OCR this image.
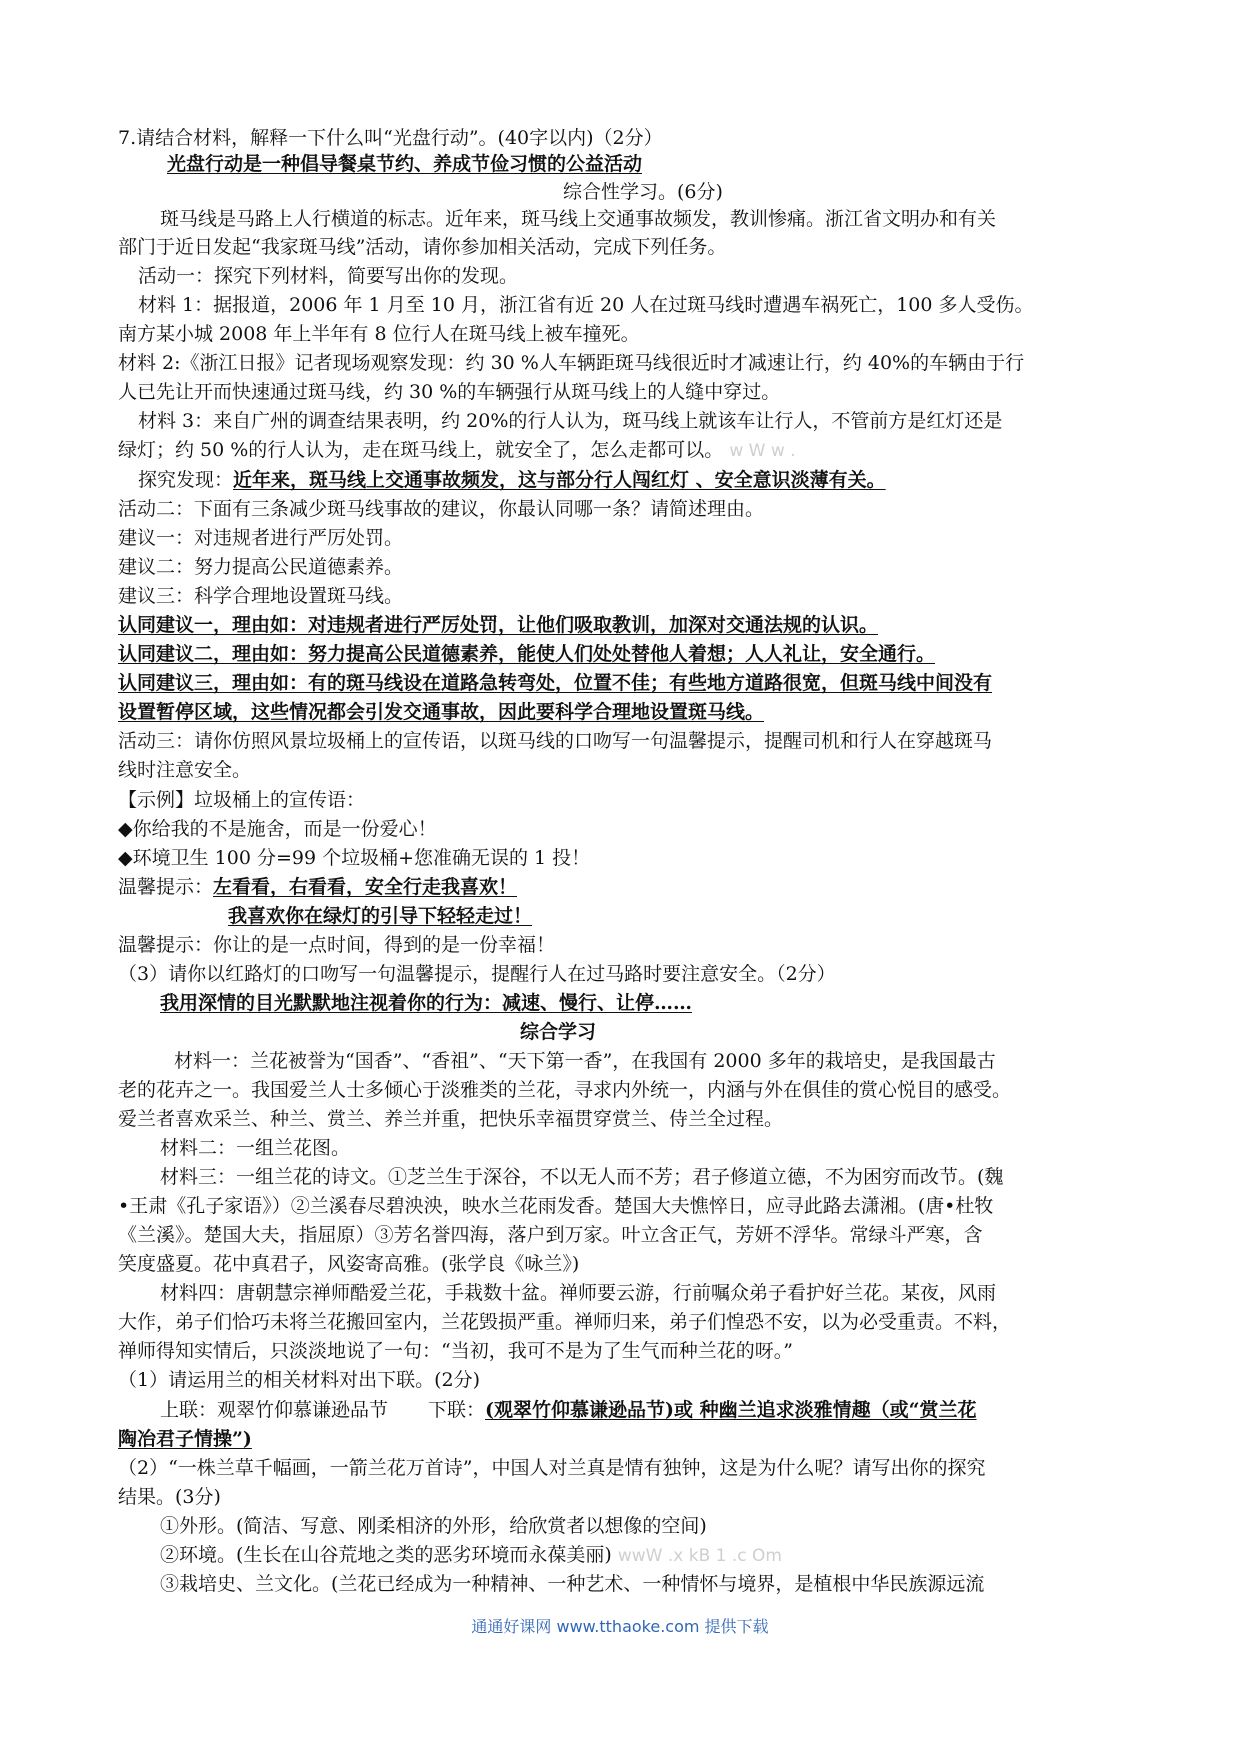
7.请结合材料，解释一下什么叫“光盘行动”。(40字以内)（2分）
光盘行动是一种倡导餐桌节约、养成节俭习惯的公益活动
综合性学习。(6分)
斑马线是马路上人行横道的标志。近年来，斑马线上交通事故频发，教训惨痛。浙江省文明办和有关
部门于近日发起“我家斑马线”活动，请你参加相关活动，完成下列任务。
活动一：探究下列材料，简要写出你的发现。
材料 1：据报道，2006 年 1 月至 10 月，浙江省有近 20 人在过斑马线时遭遇车祸死亡，100 多人受伤。
南方某小城 2008 年上半年有 8 位行人在斑马线上被车撞死。
材料 2:《浙江日报》记者现场观察发现：约 30 %人车辆距斑马线很近时才减速让行，约 40%的车辆由于行
人已先让开而快速通过斑马线，约 30 %的车辆强行从斑马线上的人缝中穿过。
材料 3：来自广州的调查结果表明，约 20%的行人认为，斑马线上就该车让行人，不管前方是红灯还是
绿灯；约 50 %的行人认为，走在斑马线上，就安全了，怎么走都可以。 w W w .
探究发现：近年来，斑马线上交通事故频发，这与部分行人闯红灯 、安全意识淡薄有关。
活动二：下面有三条减少斑马线事故的建议，你最认同哪一条？请简述理由。
建议一：对违规者进行严厉处罚。
建议二：努力提高公民道德素养。
建议三：科学合理地设置斑马线。
认同建议一，理由如：对违规者进行严厉处罚，让他们吸取教训，加深对交通法规的认识。
认同建议二，理由如：努力提高公民道德素养，能使人们处处替他人着想；人人礼让，安全通行。
认同建议三，理由如：有的斑马线设在道路急转弯处，位置不佳；有些地方道路很宽，但斑马线中间没有
设置暂停区域，这些情况都会引发交通事故，因此要科学合理地设置斑马线。
活动三：请你仿照风景垃圾桶上的宣传语，以斑马线的口吻写一句温馨提示，提醒司机和行人在穿越斑马
线时注意安全。
【示例】垃圾桶上的宣传语：
◆你给我的不是施舍，而是一份爱心！
◆环境卫生 100 分=99 个垃圾桶+您准确无误的 1 投！
温馨提示：左看看，右看看，安全行走我喜欢！
我喜欢你在绿灯的引导下轻轻走过！
温馨提示：你让的是一点时间，得到的是一份幸福！
（3）请你以红路灯的口吻写一句温馨提示，提醒行人在过马路时要注意安全。（2分）
我用深情的目光默默地注视着你的行为：减速、慢行、让停……
综合学习
材料一：兰花被誉为“国香”、“香祖”、“天下第一香”，在我国有 2000 多年的栽培史，是我国最古
老的花卉之一。我国爱兰人士多倾心于淡雅类的兰花，寻求内外统一，内涵与外在俱佳的赏心悦目的感受。
爱兰者喜欢采兰、种兰、赏兰、养兰并重，把快乐幸福贯穿赏兰、侍兰全过程。
材料二：一组兰花图。
材料三：一组兰花的诗文。①芝兰生于深谷，不以无人而不芳；君子修道立德，不为困穷而改节。(魏
•王肃《孔子家语》）②兰溪春尽碧泱泱，映水兰花雨发香。楚国大夫憔悴日，应寻此路去潇湘。(唐•杜牧
《兰溪》。楚国大夫，指屈原）③芳名誉四海，落户到万家。叶立含正气，芳妍不浮华。常绿斗严寒，含
笑度盛夏。花中真君子，风姿寄高雅。(张学良《咏兰》)
材料四：唐朝慧宗禅师酷爱兰花，手栽数十盆。禅师要云游，行前嘱众弟子看护好兰花。某夜，风雨
大作，弟子们恰巧未将兰花搬回室内，兰花毁损严重。禅师归来，弟子们惶恐不安，以为必受重责。不料，
禅师得知实情后，只淡淡地说了一句：“当初，我可不是为了生气而种兰花的呀。”
（1）请运用兰的相关材料对出下联。(2分)
上联：观翠竹仰慕谦逊品节 下联：(观翠竹仰慕谦逊品节)或 种幽兰追求淡雅情趣（或“赏兰花
陶冶君子情操”)
（2）“一株兰草千幅画，一箭兰花万首诗”，中国人对兰真是情有独钟，这是为什么呢？请写出你的探究
结果。(3分)
①外形。(简洁、写意、刚柔相济的外形，给欣赏者以想像的空间)
②环境。(生长在山谷荒地之类的恶劣环境而永葆美丽) wwW .x kB 1 .c Om
③栽培史、兰文化。(兰花已经成为一种精神、一种艺术、一种情怀与境界，是植根中华民族源远流
通通好课网 www.tthaoke.com 提供下载
